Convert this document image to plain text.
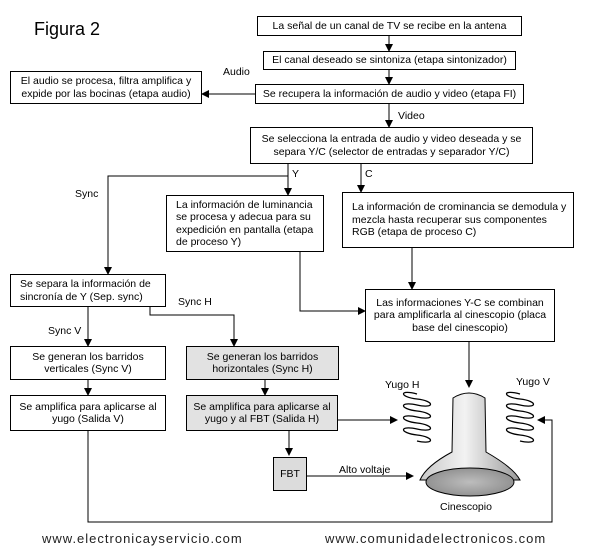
Figura 2	La señal de un canal de TV se recibe en la antena
El canal deseado se sintoniza (etapa sintonizador)
El audio se procesa, filtra amplifica y expide por las bocinas (etapa audio)	Se recupera la información de audio y video (etapa FI)
Se selecciona la entrada de audio y video deseada y se separa Y/C (selector de entradas y separador Y/C)
La información de luminancia se procesa y adecua para su expedición en pantalla (etapa de proceso Y)
La información de crominancia se demodula y mezcla hasta recuperar sus componentes RGB (etapa de proceso C)
Se separa la información de sincronía de Y (Sep. sync)
Las informaciones Y-C se combinan para amplificarla al cinescopio (placa base del cinescopio)
Se generan los barridos verticales (Sync V)
Se generan los barridos horizontales (Sync H)
Se amplifica para aplicarse al yugo (Salida V)
Se amplifica para aplicarse al yugo y al FBT (Salida H)
FBT
Audio
Video
Sync
Y	C
Sync H
Sync V
Yugo H	Yugo V
Alto voltaje
Cinescopio
www.electronicayservicio.com	www.comunidadelectronicos.com
